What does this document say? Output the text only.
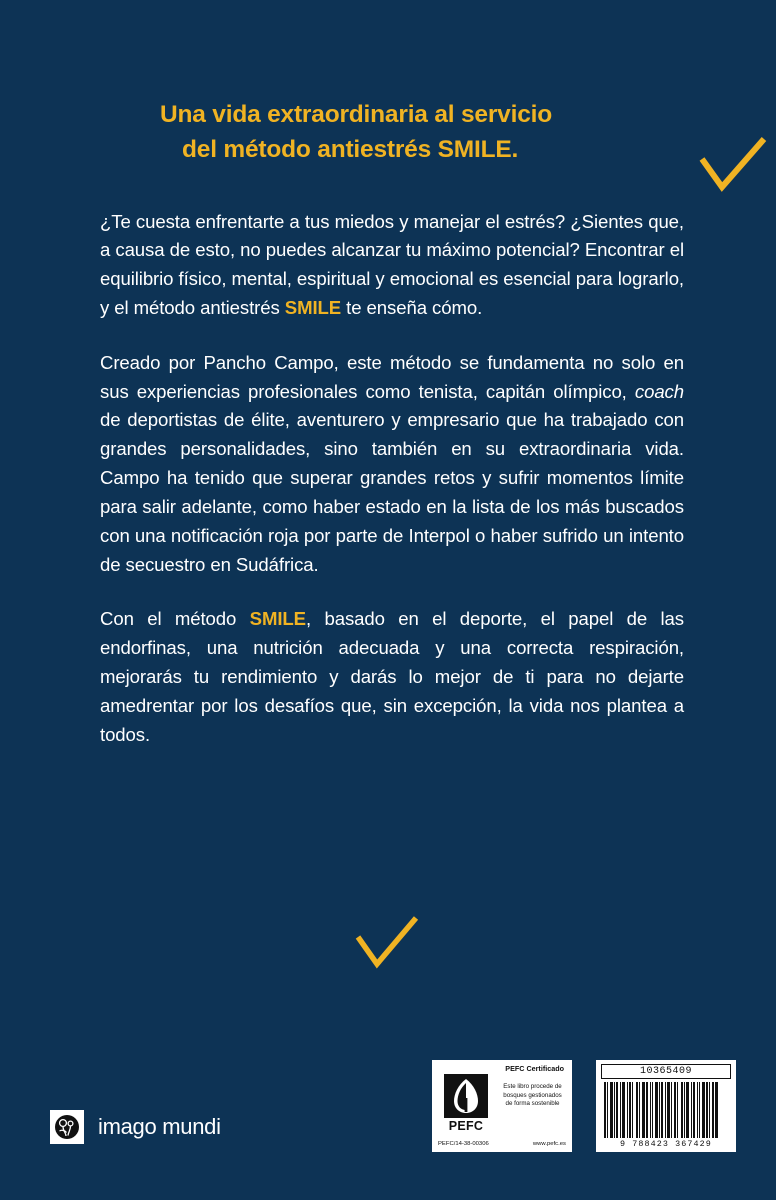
Una vida extraordinaria al servicio
del método antiestrés SMILE.

¿Te cuesta enfrentarte a tus miedos y manejar el estrés? ¿Sientes que, a causa de esto, no puedes alcanzar tu máximo potencial? Encontrar el equilibrio físico, mental, espiritual y emocional es esencial para lograrlo, y el método antiestrés SMILE te enseña cómo.

Creado por Pancho Campo, este método se fundamenta no solo en sus experiencias profesionales como tenista, capitán olímpico, coach de deportistas de élite, aventurero y empresario que ha trabajado con grandes personalidades, sino también en su extraordinaria vida. Campo ha tenido que superar grandes retos y sufrir momentos límite para salir adelante, como haber estado en la lista de los más buscados con una notificación roja por parte de Interpol o haber sufrido un intento de secuestro en Sudáfrica.

Con el método SMILE, basado en el deporte, el papel de las endorfinas, una nutrición adecuada y una correcta respiración, mejorarás tu rendimiento y darás lo mejor de ti para no dejarte amedrentar por los desafíos que, sin excepción, la vida nos plantea a todos.

imago mundi
PEFC Certificado
PEFC

Este libro procede de bosques gestionados de forma sostenible

PEFC/14-38-00306	www.pefc.es
10365409
9 788423 367429
